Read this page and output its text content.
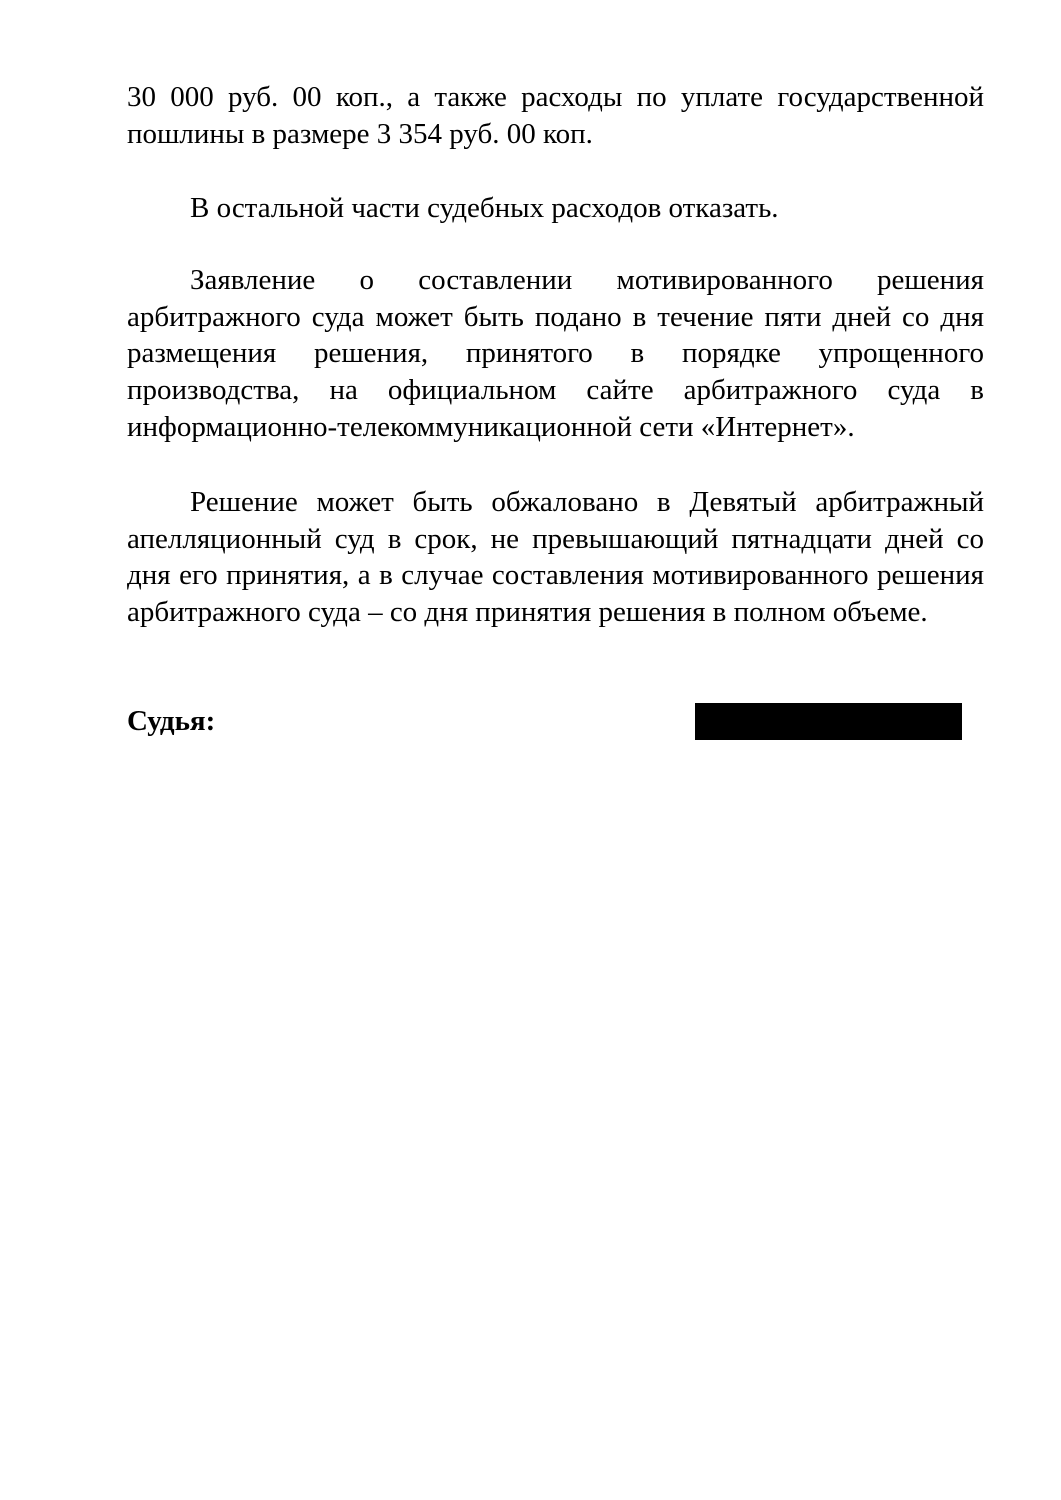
30 000 руб. 00 коп., а также расходы по уплате государственной пошлины в размере 3 354 руб. 00 коп.
В остальной части судебных расходов отказать.
Заявление о составлении мотивированного решения арбитражного суда может быть подано в течение пяти дней со дня размещения решения, принятого в порядке упрощенного производства, на официальном сайте арбитражного суда в информационно-телекоммуникационной сети «Интернет».
Решение может быть обжаловано в Девятый арбитражный апелляционный суд в срок, не превышающий пятнадцати дней со дня его принятия, а в случае составления мотивированного решения арбитражного суда – со дня принятия решения в полном объеме.
Судья:
